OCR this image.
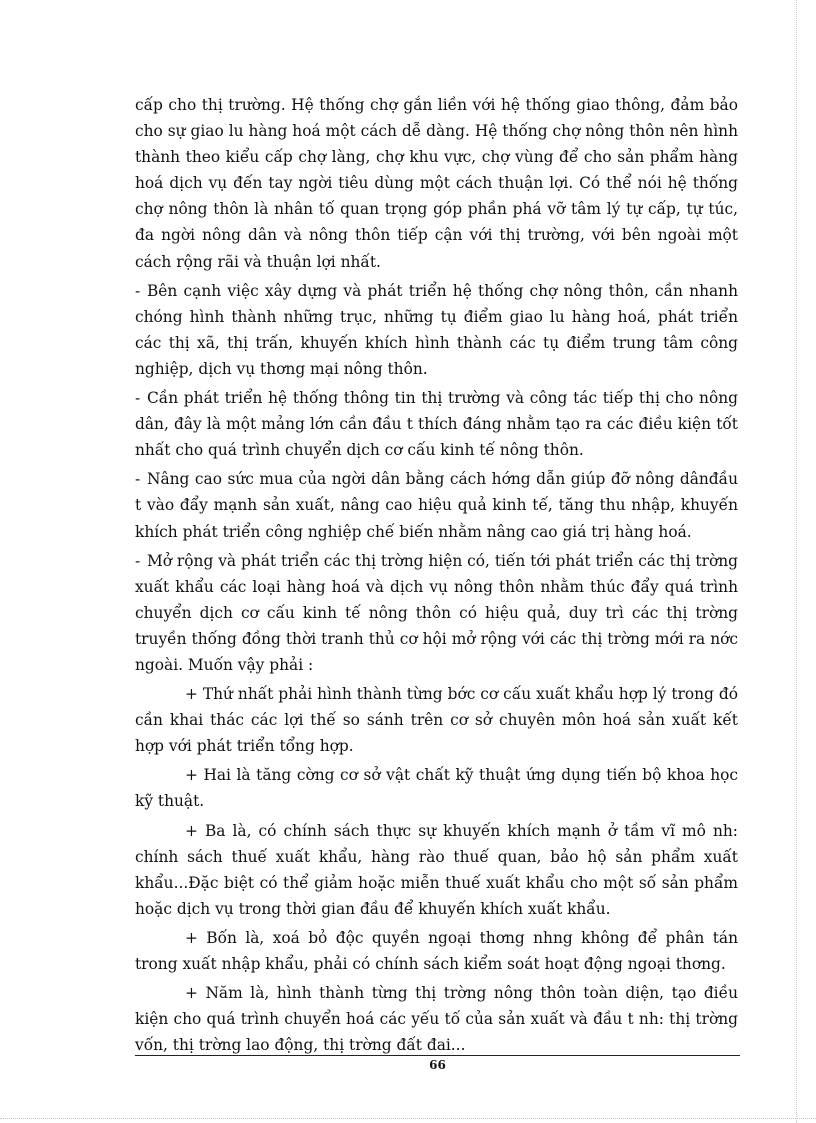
cấp cho thị trường. Hệ thống chợ gắn liền với hệ thống giao thông, đảm bảo cho sự giao lu hàng hoá một cách dễ dàng. Hệ thống chợ nông thôn nên hình thành theo kiểu cấp chợ làng, chợ khu vực, chợ vùng để cho sản phẩm hàng hoá dịch vụ đến tay ngời tiêu dùng một cách thuận lợi. Có thể nói hệ thống chợ nông thôn là nhân tố quan trọng góp phần phá vỡ tâm lý tự cấp, tự túc, đa ngời nông dân và nông thôn tiếp cận với thị trường, với bên ngoài một cách rộng rãi và thuận lợi nhất.

- Bên cạnh việc xây dựng và phát triển hệ thống chợ nông thôn, cần nhanh chóng hình thành những trục, những tụ điểm giao lu hàng hoá, phát triển các thị xã, thị trấn, khuyến khích hình thành các tụ điểm trung tâm công nghiệp, dịch vụ thơng mại nông thôn.

- Cần phát triển hệ thống thông tin thị trường và công tác tiếp thị cho nông dân, đây là một mảng lớn cần đầu t thích đáng nhằm tạo ra các điều kiện tốt nhất cho quá trình chuyển dịch cơ cấu kinh tế nông thôn.

- Nâng cao sức mua của ngời dân bằng cách hớng dẫn giúp đỡ nông dânđầu t vào đẩy mạnh sản xuất, nâng cao hiệu quả kinh tế, tăng thu nhập, khuyến khích phát triển công nghiệp chế biến nhằm nâng cao giá trị hàng hoá.

- Mở rộng và phát triển các thị trờng hiện có, tiến tới phát triển các thị trờng xuất khẩu các loại hàng hoá và dịch vụ nông thôn nhằm thúc đẩy quá trình chuyển dịch cơ cấu kinh tế nông thôn có hiệu quả, duy trì các thị trờng truyền thống đồng thời tranh thủ cơ hội mở rộng với các thị trờng mới ra nớc ngoài. Muốn vậy phải :

+ Thứ nhất phải hình thành từng bớc cơ cấu xuất khẩu hợp lý trong đó cần khai thác các lợi thế so sánh trên cơ sở chuyên môn hoá sản xuất kết hợp với phát triển tổng hợp.

+ Hai là tăng cờng cơ sở vật chất kỹ thuật ứng dụng tiến bộ khoa học kỹ thuật.

+ Ba là, có chính sách thực sự khuyến khích mạnh ở tầm vĩ mô nh: chính sách thuế xuất khẩu, hàng rào thuế quan, bảo hộ sản phẩm xuất khẩu...Đặc biệt có thể giảm hoặc miễn thuế xuất khẩu cho một số sản phẩm hoặc dịch vụ trong thời gian đầu để khuyến khích xuất khẩu.

+ Bốn là, xoá bỏ độc quyền ngoại thơng nhng không để phân tán trong xuất nhập khẩu, phải có chính sách kiểm soát hoạt động ngoại thơng.

+ Năm là, hình thành từng thị trờng nông thôn toàn diện, tạo điều kiện cho quá trình chuyển hoá các yếu tố của sản xuất và đầu t nh: thị trờng vốn, thị trờng lao động, thị trờng đất đai...

66
